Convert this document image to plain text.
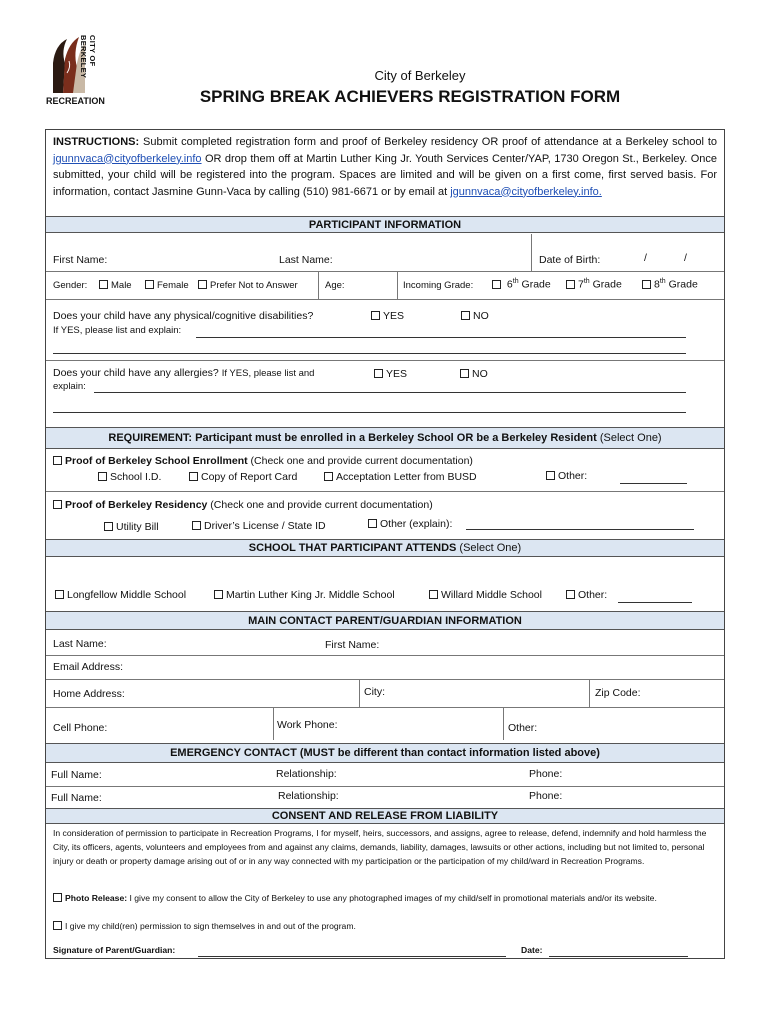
CITY OF BERKELEY
RECREATION
City of Berkeley
SPRING BREAK ACHIEVERS REGISTRATION FORM
INSTRUCTIONS: Submit completed registration form and proof of Berkeley residency OR proof of attendance at a Berkeley school to jgunnvaca@cityofberkeley.info OR drop them off at Martin Luther King Jr. Youth Services Center/YAP, 1730 Oregon St., Berkeley. Once submitted, your child will be registered into the program. Spaces are limited and will be given on a first come, first served basis. For information, contact Jasmine Gunn-Vaca by calling (510) 981-6671 or by email at jgunnvaca@cityofberkeley.info.
PARTICIPANT INFORMATION
First Name:	Last Name:	Date of Birth:	/	/
Gender:	Male	Female	Prefer Not to Answer	Age:	Incoming Grade:	6th Grade	7th Grade	8th Grade
Does your child have any physical/cognitive disabilities?	YES	NO
If YES, please list and explain:
Does your child have any allergies? If YES, please list and
explain:
YES	NO
REQUIREMENT: Participant must be enrolled in a Berkeley School OR be a Berkeley Resident (Select One)
Proof of Berkeley School Enrollment (Check one and provide current documentation)
School I.D.	Copy of Report Card	Acceptation Letter from BUSD	Other:
Proof of Berkeley Residency (Check one and provide current documentation)
Utility Bill	Driver’s License / State ID	Other (explain):
SCHOOL THAT PARTICIPANT ATTENDS (Select One)
Longfellow Middle School	Martin Luther King Jr. Middle School	Willard Middle School	Other:
MAIN CONTACT PARENT/GUARDIAN INFORMATION
Last Name:	First Name:
Email Address:
Home Address:	City:	Zip Code:
Cell Phone:	Work Phone:	Other:
EMERGENCY CONTACT (MUST be different than contact information listed above)
Full Name:	Relationship:	Phone:
Full Name:	Relationship:	Phone:
CONSENT AND RELEASE FROM LIABILITY
In consideration of permission to participate in Recreation Programs, I for myself, heirs, successors, and assigns, agree to release, defend, indemnify and hold harmless the City, its officers, agents, volunteers and employees from and against any claims, demands, liability, damages, lawsuits or other actions, including but not limited to, personal injury or death or property damage arising out of or in any way connected with my participation or the participation of my child/ward in Recreation Programs.
Photo Release: I give my consent to allow the City of Berkeley to use any photographed images of my child/self in promotional materials and/or its website.
I give my child(ren) permission to sign themselves in and out of the program.
Signature of Parent/Guardian:	Date:
